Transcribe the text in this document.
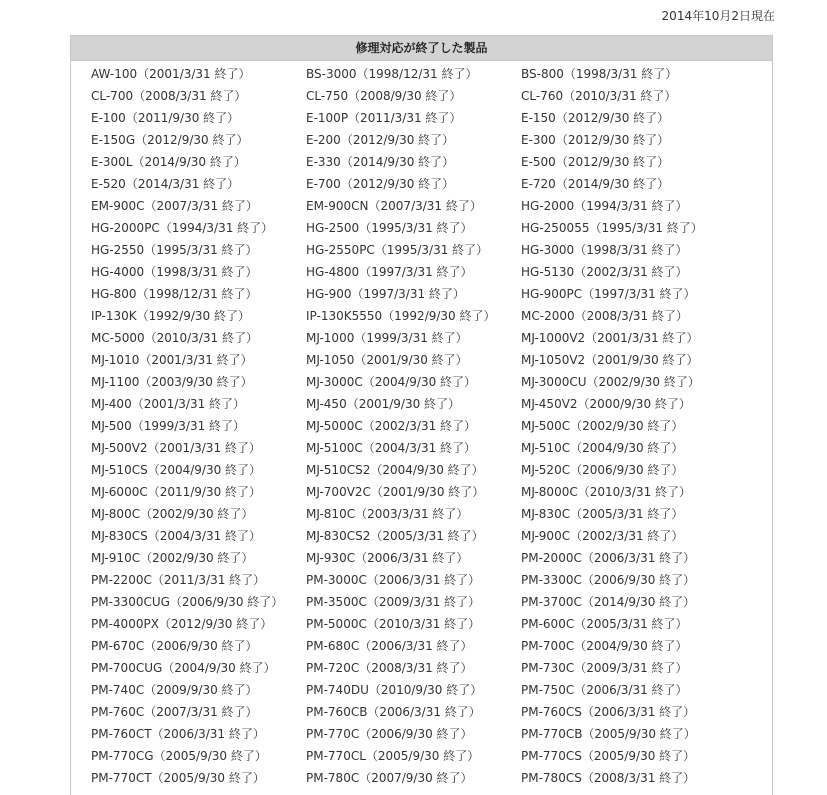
2014年10月2日現在
修理対応が終了した製品
AW-100（2001/3/31 終了）	BS-3000（1998/12/31 終了）	BS-800（1998/3/31 終了）
CL-700（2008/3/31 終了）	CL-750（2008/9/30 終了）	CL-760（2010/3/31 終了）
E-100（2011/9/30 終了）	E-100P（2011/3/31 終了）	E-150（2012/9/30 終了）
E-150G（2012/9/30 終了）	E-200（2012/9/30 終了）	E-300（2012/9/30 終了）
E-300L（2014/9/30 終了）	E-330（2014/9/30 終了）	E-500（2012/9/30 終了）
E-520（2014/3/31 終了）	E-700（2012/9/30 終了）	E-720（2014/9/30 終了）
EM-900C（2007/3/31 終了）	EM-900CN（2007/3/31 終了）	HG-2000（1994/3/31 終了）
HG-2000PC（1994/3/31 終了）	HG-2500（1995/3/31 終了）	HG-250055（1995/3/31 終了）
HG-2550（1995/3/31 終了）	HG-2550PC（1995/3/31 終了）	HG-3000（1998/3/31 終了）
HG-4000（1998/3/31 終了）	HG-4800（1997/3/31 終了）	HG-5130（2002/3/31 終了）
HG-800（1998/12/31 終了）	HG-900（1997/3/31 終了）	HG-900PC（1997/3/31 終了）
IP-130K（1992/9/30 終了）	IP-130K5550（1992/9/30 終了） MC-2000（2008/3/31 終了）
MC-5000（2010/3/31 終了）	MJ-1000（1999/3/31 終了）	MJ-1000V2（2001/3/31 終了）
MJ-1010（2001/3/31 終了）	MJ-1050（2001/9/30 終了）	MJ-1050V2（2001/9/30 終了）
MJ-1100（2003/9/30 終了）	MJ-3000C（2004/9/30 終了）	MJ-3000CU（2002/9/30 終了）
MJ-400（2001/3/31 終了）	MJ-450（2001/9/30 終了）	MJ-450V2（2000/9/30 終了）
MJ-500（1999/3/31 終了）	MJ-5000C（2002/3/31 終了）	MJ-500C（2002/9/30 終了）
MJ-500V2（2001/3/31 終了）	MJ-5100C（2004/3/31 終了）	MJ-510C（2004/9/30 終了）
MJ-510CS（2004/9/30 終了）	MJ-510CS2（2004/9/30 終了）	MJ-520C（2006/9/30 終了）
MJ-6000C（2011/9/30 終了）	MJ-700V2C（2001/9/30 終了）	MJ-8000C（2010/3/31 終了）
MJ-800C（2002/9/30 終了）	MJ-810C（2003/3/31 終了）	MJ-830C（2005/3/31 終了）
MJ-830CS（2004/3/31 終了）	MJ-830CS2（2005/3/31 終了）	MJ-900C（2002/3/31 終了）
MJ-910C（2002/9/30 終了）	MJ-930C（2006/3/31 終了）	PM-2000C（2006/3/31 終了）
PM-2200C（2011/3/31 終了）	PM-3000C（2006/3/31 終了）	PM-3300C（2006/9/30 終了）
PM-3300CUG（2006/9/30 終了） PM-3500C（2009/3/31 終了）	PM-3700C（2014/9/30 終了）
PM-4000PX（2012/9/30 終了）	PM-5000C（2010/3/31 終了）	PM-600C（2005/3/31 終了）
PM-670C（2006/9/30 終了）	PM-680C（2006/3/31 終了）	PM-700C（2004/9/30 終了）
PM-700CUG（2004/9/30 終了）	PM-720C（2008/3/31 終了）	PM-730C（2009/3/31 終了）
PM-740C（2009/9/30 終了）	PM-740DU（2010/9/30 終了）	PM-750C（2006/3/31 終了）
PM-760C（2007/3/31 終了）	PM-760CB（2006/3/31 終了）	PM-760CS（2006/3/31 終了）
PM-760CT（2006/3/31 終了）	PM-770C（2006/9/30 終了）	PM-770CB（2005/9/30 終了）
PM-770CG（2005/9/30 終了）	PM-770CL（2005/9/30 終了）	PM-770CS（2005/9/30 終了）
PM-770CT（2005/9/30 終了）	PM-780C（2007/9/30 終了）	PM-780CS（2008/3/31 終了）
